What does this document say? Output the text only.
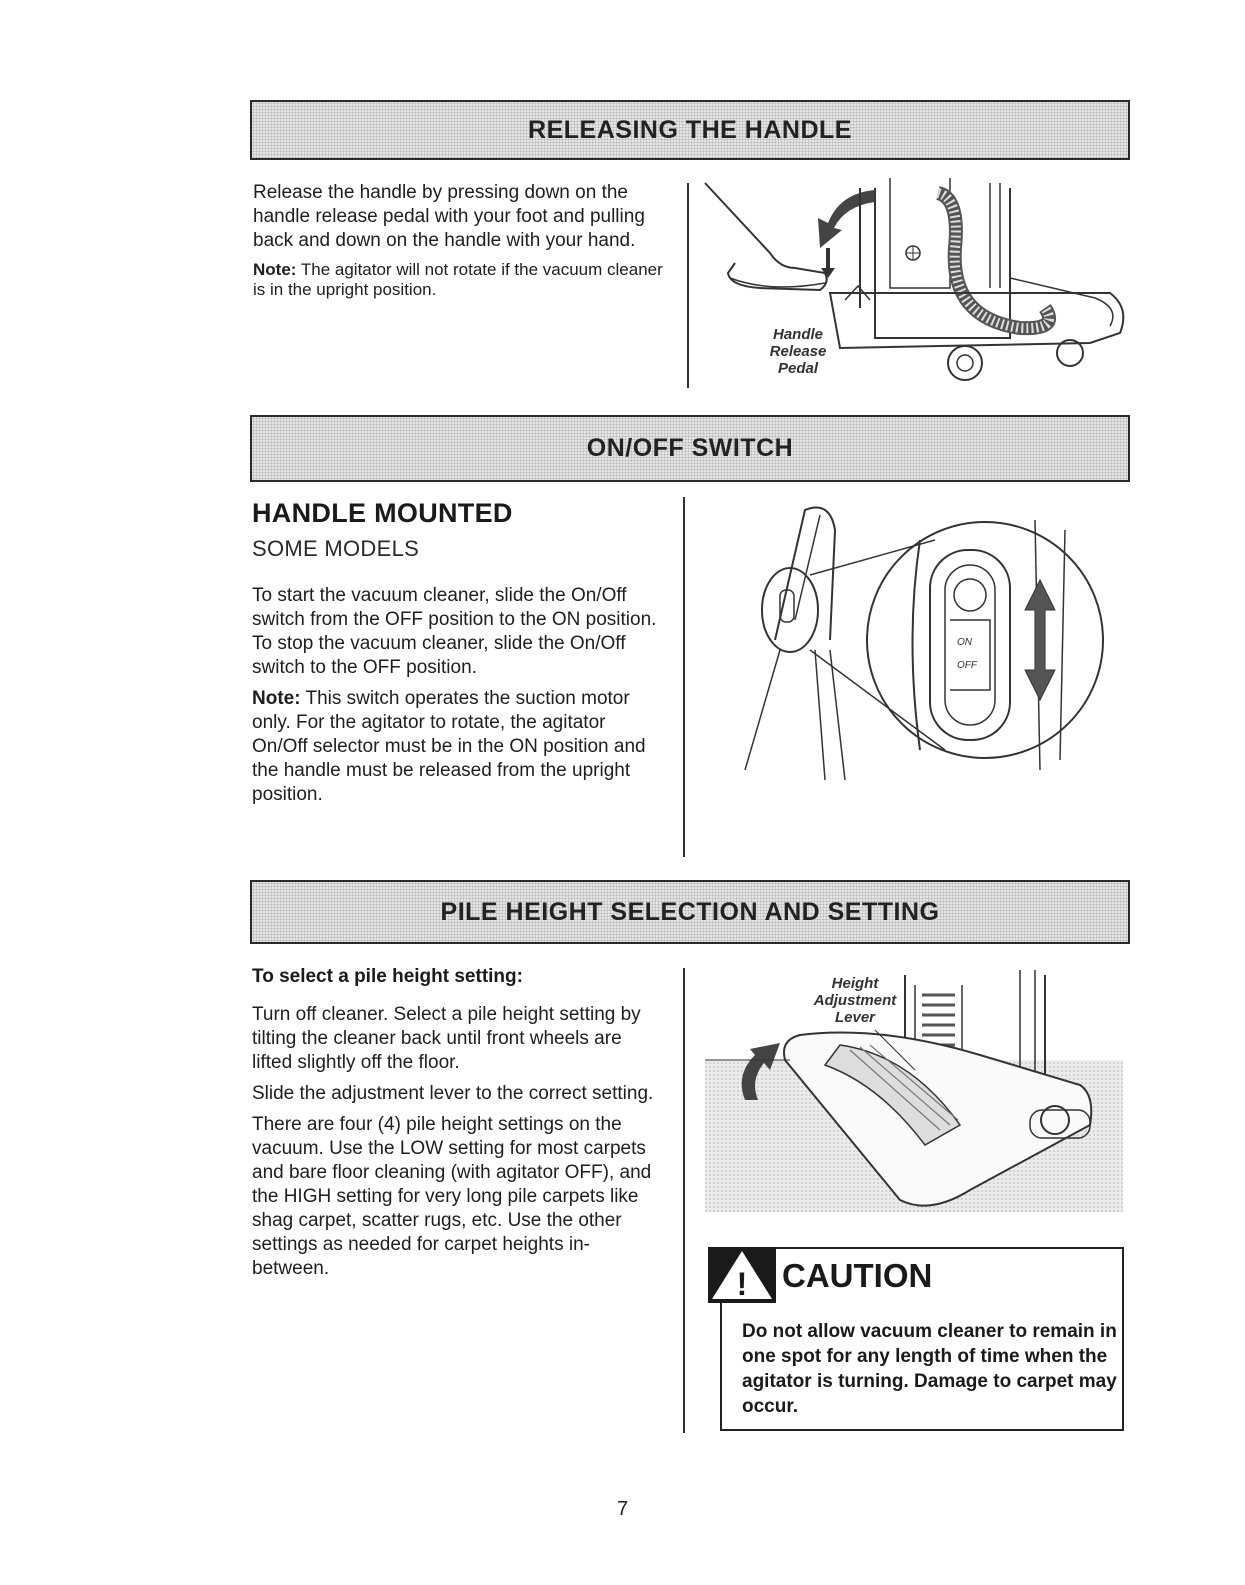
RELEASING THE HANDLE

Release the handle by pressing down on the handle release pedal with your foot and pulling back and down on the handle with your hand.

Note: The agitator will not rotate if the vacuum cleaner is in the upright position.

Handle
Release
Pedal
ON/OFF SWITCH
HANDLE MOUNTED
SOME MODELS

To start the vacuum cleaner, slide the On/Off switch from the OFF position to the ON position. To stop the vacuum cleaner, slide the On/Off switch to the OFF position.

Note: This switch operates the suction motor only. For the agitator to rotate, the agitator On/Off selector must be in the ON position and the handle must be released from the upright position.

ON
OFF
PILE HEIGHT SELECTION AND SETTING
To select a pile height setting:

Turn off cleaner. Select a pile height setting by tilting the cleaner back until front wheels are lifted slightly off the floor.

Slide the adjustment lever to the correct setting.

There are four (4) pile height settings on the vacuum. Use the LOW setting for most carpets and bare floor cleaning (with agitator OFF), and the HIGH setting for very long pile carpets like shag carpet, scatter rugs, etc. Use the other settings as needed for carpet heights in-between.

Height
Adjustment
Lever
! CAUTION
Do not allow vacuum cleaner to remain in one spot for any length of time when the agitator is turning. Damage to carpet may occur.
7
